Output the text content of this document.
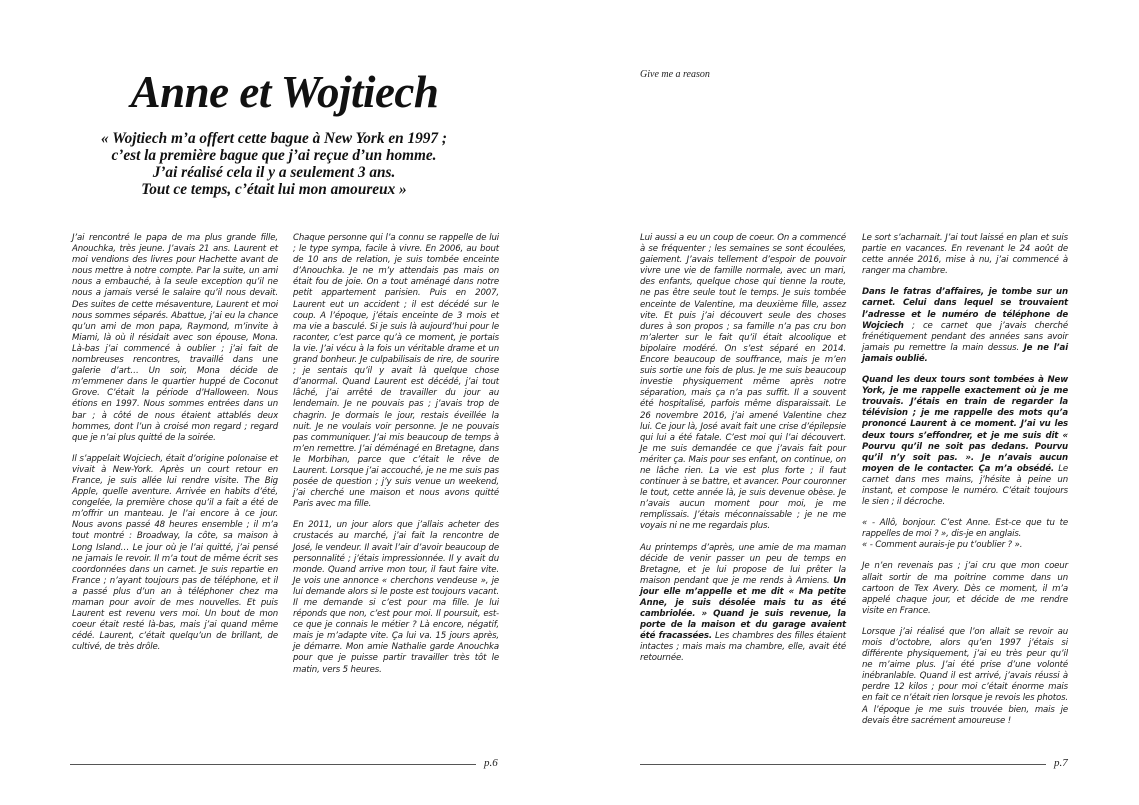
Anne et Wojtiech
« Wojtiech m’a offert cette bague à New York en 1997 ;
c’est la première bague que j’ai reçue d’un homme.
J’ai réalisé cela il y a seulement 3 ans.
Tout ce temps, c’était lui mon amoureux »

J’ai rencontré le papa de ma plus grande fille, Anouchka, très jeune. J’avais 21 ans. Laurent et moi vendions des livres pour Hachette avant de nous mettre à notre compte. Par la suite, un ami nous a embauché, à la seule exception qu’il ne nous a jamais versé le salaire qu’il nous devait. Des suites de cette mésaventure, Laurent et moi nous sommes séparés. Abattue, j’ai eu la chance qu’un ami de mon papa, Raymond, m’invite à Miami, là où il résidait avec son épouse, Mona. Là-bas j’ai commencé à oublier ; j’ai fait de nombreuses rencontres, travaillé dans une galerie d’art… Un soir, Mona décide de m’emmener dans le quartier huppé de Coconut Grove. C’était la période d’Halloween. Nous étions en 1997. Nous sommes entrées dans un bar ; à côté de nous étaient attablés deux hommes, dont l’un à croisé mon regard ; regard que je n’ai plus quitté de la soirée.

Il s’appelait Wojciech, était d’origine polonaise et vivait à New-York. Après un court retour en France, je suis allée lui rendre visite. The Big Apple, quelle aventure. Arrivée en habits d’été, congelée, la première chose qu’il a fait a été de m’offrir un manteau. Je l’ai encore à ce jour. Nous avons passé 48 heures ensemble ; il m’a tout montré : Broadway, la côte, sa maison à Long Island… Le jour où je l’ai quitté, j’ai pensé ne jamais le revoir. Il m’a tout de même écrit ses coordonnées dans un carnet. Je suis repartie en France ; n’ayant toujours pas de téléphone, et il a passé plus d’un an à téléphoner chez ma maman pour avoir de mes nouvelles. Et puis Laurent est revenu vers moi. Un bout de mon coeur était resté là-bas, mais j’ai quand même cédé. Laurent, c’était quelqu’un de brillant, de cultivé, de très drôle.

Chaque personne qui l’a connu se rappelle de lui ; le type sympa, facile à vivre. En 2006, au bout de 10 ans de relation, je suis tombée enceinte d’Anouchka. Je ne m’y attendais pas mais on était fou de joie. On a tout aménagé dans notre petit appartement parisien. Puis en 2007, Laurent eut un accident ; il est décédé sur le coup. A l’époque, j’étais enceinte de 3 mois et ma vie a basculé. Si je suis là aujourd’hui pour le raconter, c’est parce qu’à ce moment, je portais la vie. J’ai vécu à la fois un véritable drame et un grand bonheur. Je culpabilisais de rire, de sourire ; je sentais qu’il y avait là quelque chose d’anormal. Quand Laurent est décédé, j’ai tout lâché, j’ai arrêté de travailler du jour au lendemain. Je ne pouvais pas ; j’avais trop de chagrin. Je dormais le jour, restais éveillée la nuit. Je ne voulais voir personne. Je ne pouvais pas communiquer. J’ai mis beaucoup de temps à m’en remettre. J’ai déménagé en Bretagne, dans le Morbihan, parce que c’était le rêve de Laurent. Lorsque j’ai accouché, je ne me suis pas posée de question ; j’y suis venue un weekend, j’ai cherché une maison et nous avons quitté Paris avec ma fille.

En 2011, un jour alors que j’allais acheter des crustacés au marché, j’ai fait la rencontre de José, le vendeur. Il avait l’air d’avoir beaucoup de personnalité ; j’étais impressionnée. Il y avait du monde. Quand arrive mon tour, il faut faire vite. Je vois une annonce « cherchons vendeuse », je lui demande alors si le poste est toujours vacant. Il me demande si c’est pour ma fille. Je lui réponds que non, c’est pour moi. Il poursuit, est-ce que je connais le métier ? Là encore, négatif, mais je m’adapte vite. Ça lui va. 15 jours après, je démarre. Mon amie Nathalie garde Anouchka pour que je puisse partir travailler très tôt le matin, vers 5 heures.

p.6
Give me a reason

Lui aussi a eu un coup de coeur. On a commencé à se fréquenter ; les semaines se sont écoulées, gaiement. J’avais tellement d’espoir de pouvoir vivre une vie de famille normale, avec un mari, des enfants, quelque chose qui tienne la route, ne pas être seule tout le temps. Je suis tombée enceinte de Valentine, ma deuxième fille, assez vite. Et puis j’ai découvert seule des choses dures à son propos ; sa famille n’a pas cru bon m’alerter sur le fait qu’il était alcoolique et bipolaire modéré. On s’est séparé en 2014. Encore beaucoup de souffrance, mais je m’en suis sortie une fois de plus. Je me suis beaucoup investie physiquement même après notre séparation, mais ça n’a pas suffit. Il a souvent été hospitalisé, parfois même disparaissait. Le 26 novembre 2016, j’ai amené Valentine chez lui. Ce jour là, José avait fait une crise d’épilepsie qui lui a été fatale. C’est moi qui l’ai découvert. Je me suis demandée ce que j’avais fait pour mériter ça. Mais pour ses enfant, on continue, on ne lâche rien. La vie est plus forte ; il faut continuer à se battre, et avancer. Pour couronner le tout, cette année là, je suis devenue obèse. Je n’avais aucun moment pour moi, je me remplissais. J’étais méconnaissable ; je ne me voyais ni ne me regardais plus.

Au printemps d’après, une amie de ma maman décide de venir passer un peu de temps en Bretagne, et je lui propose de lui prêter la maison pendant que je me rends à Amiens. Un jour elle m’appelle et me dit « Ma petite Anne, je suis désolée mais tu as été cambriolée. » Quand je suis revenue, la porte de la maison et du garage avaient été fracassées. Les chambres des filles étaient intactes ; mais mais ma chambre, elle, avait été retournée.

Le sort s’acharnait. J’ai tout laissé en plan et suis partie en vacances. En revenant le 24 août de cette année 2016, mise à nu, j’ai commencé à ranger ma chambre.

Dans le fatras d’affaires, je tombe sur un carnet. Celui dans lequel se trouvaient l’adresse et le numéro de téléphone de Wojciech ; ce carnet que j’avais cherché frénétiquement pendant des années sans avoir jamais pu remettre la main dessus. Je ne l’ai jamais oublié.

Quand les deux tours sont tombées à New York, je me rappelle exactement où je me trouvais. J’étais en train de regarder la télévision ; je me rappelle des mots qu’a prononcé Laurent à ce moment. J’ai vu les deux tours s’effondrer, et je me suis dit « Pourvu qu’il ne soit pas dedans. Pourvu qu’il n’y soit pas. ». Je n’avais aucun moyen de le contacter. Ça m’a obsédé. Le carnet dans mes mains, j’hésite à peine un instant, et compose le numéro. C’était toujours le sien ; il décroche.

« - Allô, bonjour. C’est Anne. Est-ce que tu te rappelles de moi ? », dis-je en anglais.

« - Comment aurais-je pu t’oublier ? ».

Je n’en revenais pas ; j’ai cru que mon coeur allait sortir de ma poitrine comme dans un cartoon de Tex Avery. Dès ce moment, il m’a appelé chaque jour, et décide de me rendre visite en France.

Lorsque j’ai réalisé que l’on allait se revoir au mois d’octobre, alors qu’en 1997 j’étais si différente physiquement, j’ai eu très peur qu’il ne m’aime plus. J’ai été prise d’une volonté inébranlable. Quand il est arrivé, j’avais réussi à perdre 12 kilos ; pour moi c’était énorme mais en fait ce n’était rien lorsque je revois les photos. A l’époque je me suis trouvée bien, mais je devais être sacrément amoureuse !

p.7
